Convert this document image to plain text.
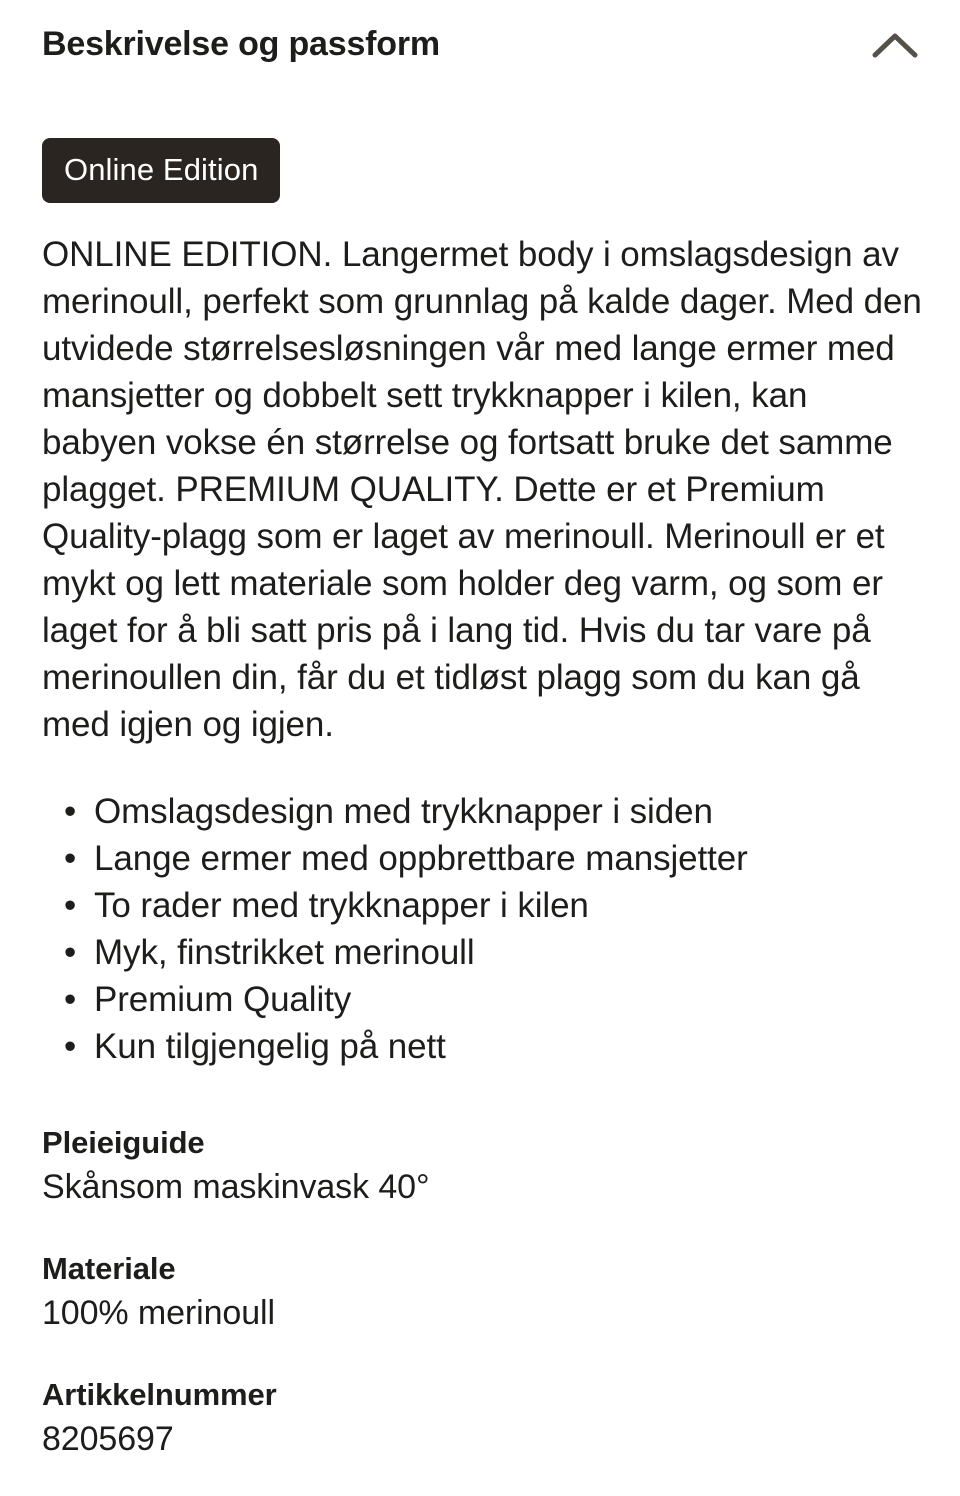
Beskrivelse og passform
Online Edition

ONLINE EDITION. Langermet body i omslagsdesign av merinoull, perfekt som grunnlag på kalde dager. Med den utvidede størrelsesløsningen vår med lange ermer med mansjetter og dobbelt sett trykknapper i kilen, kan babyen vokse én størrelse og fortsatt bruke det samme plagget. PREMIUM QUALITY. Dette er et Premium Quality-plagg som er laget av merinoull. Merinoull er et mykt og lett materiale som holder deg varm, og som er laget for å bli satt pris på i lang tid. Hvis du tar vare på merinoullen din, får du et tidløst plagg som du kan gå med igjen og igjen.

• Omslagsdesign med trykknapper i siden
• Lange ermer med oppbrettbare mansjetter
• To rader med trykknapper i kilen
• Myk, finstrikket merinoull
• Premium Quality
• Kun tilgjengelig på nett

Pleieiguide

Skånsom maskinvask 40°

Materiale

100% merinoull

Artikkelnummer

8205697
